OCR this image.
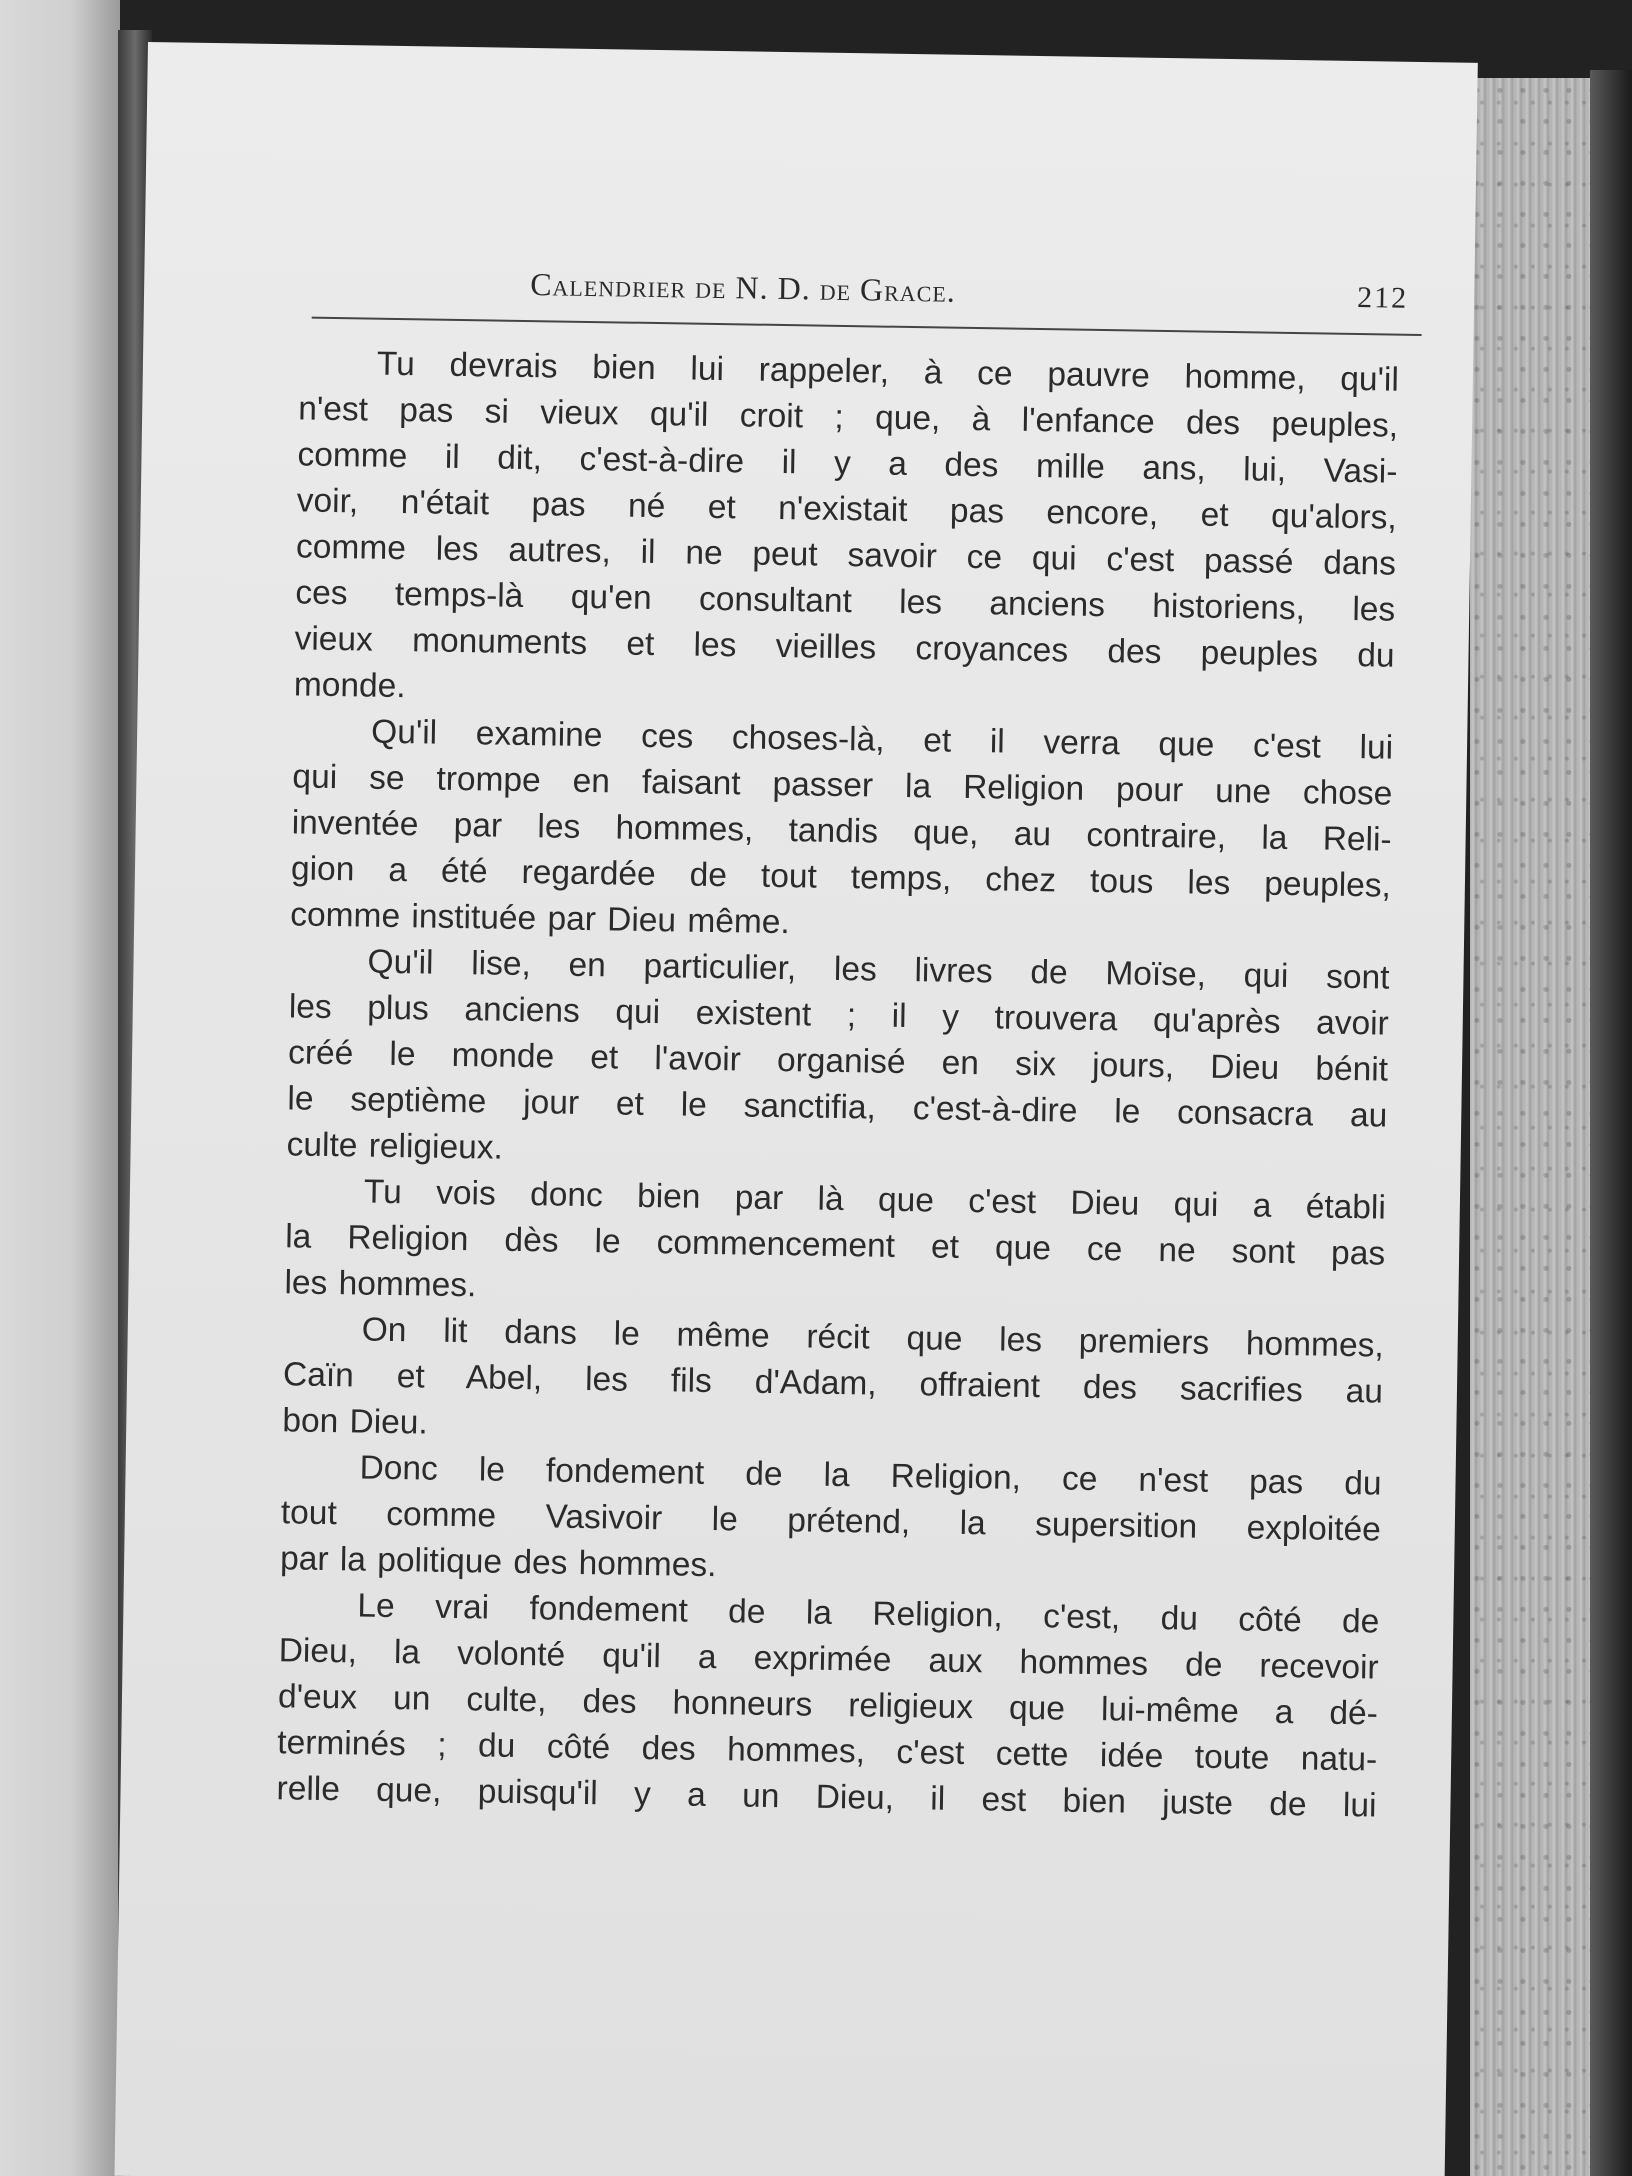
Calendrier de N. D. de Grace.	212

Tu devrais bien lui rappeler, à ce pauvre homme, qu'il
n'est pas si vieux qu'il croit ; que, à l'enfance des peuples,
comme il dit, c'est-à-dire il y a des mille ans, lui, Vasi-
voir, n'était pas né et n'existait pas encore, et qu'alors,
comme les autres, il ne peut savoir ce qui c'est passé dans
ces temps-là qu'en consultant les anciens historiens, les
vieux monuments et les vieilles croyances des peuples du
monde.

Qu'il examine ces choses-là, et il verra que c'est lui
qui se trompe en faisant passer la Religion pour une chose
inventée par les hommes, tandis que, au contraire, la Reli-
gion a été regardée de tout temps, chez tous les peuples,
comme instituée par Dieu même.

Qu'il lise, en particulier, les livres de Moïse, qui sont
les plus anciens qui existent ; il y trouvera qu'après avoir
créé le monde et l'avoir organisé en six jours, Dieu bénit
le septième jour et le sanctifia, c'est-à-dire le consacra au
culte religieux.

Tu vois donc bien par là que c'est Dieu qui a établi
la Religion dès le commencement et que ce ne sont pas
les hommes.

On lit dans le même récit que les premiers hommes,
Caïn et Abel, les fils d'Adam, offraient des sacrifies au
bon Dieu.

Donc le fondement de la Religion, ce n'est pas du
tout comme Vasivoir le prétend, la supersition exploitée
par la politique des hommes.

Le vrai fondement de la Religion, c'est, du côté de
Dieu, la volonté qu'il a exprimée aux hommes de recevoir
d'eux un culte, des honneurs religieux que lui-même a dé-
terminés ; du côté des hommes, c'est cette idée toute natu-
relle que, puisqu'il y a un Dieu, il est bien juste de lui
